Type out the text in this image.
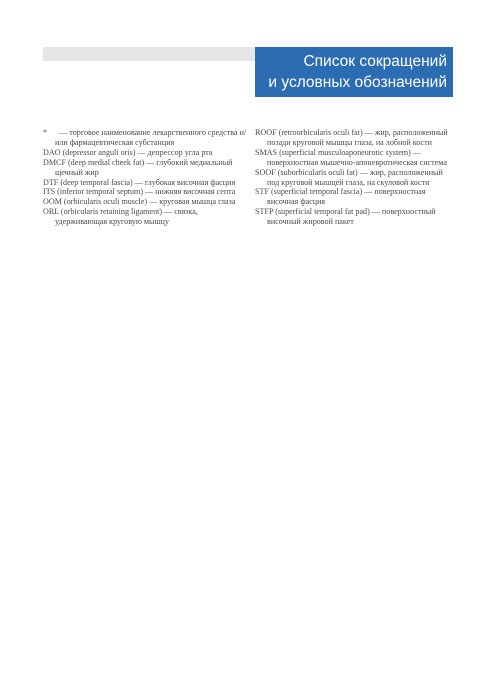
Список сокращений
и условных обозначений

* — торговое наименование лекарственного средства и/или фармацевтическая субстанция

DAO (depressor anguli oris) — депрессор угла рта

DMCF (deep medial cheek fat) — глубокий медиальный щечный жир

DTF (deep temporal fascia) — глубокая височная фасция

ITS (inferior temporal septum) — нижняя височная септа

OOM (orbicularis oculi muscle) — круговая мышца глаза

ORL (orbicularis retaining ligament) — связка, удерживающая круговую мышцу

ROOF (retroorbicularis oculi fat) — жир, расположенный позади круговой мышцы глаза, на лобной кости

SMAS (superficial musculoaponeurotic system) — поверхностная мышечно-апоневротическая система

SOOF (suborbicularis oculi fat) — жир, расположенный под круговой мышцей глаза, на скуловой кости

STF (superficial temporal fascia) — поверхностная височная фасция

STFP (superficial temporal fat pad) — поверхностный височный жировой пакет
